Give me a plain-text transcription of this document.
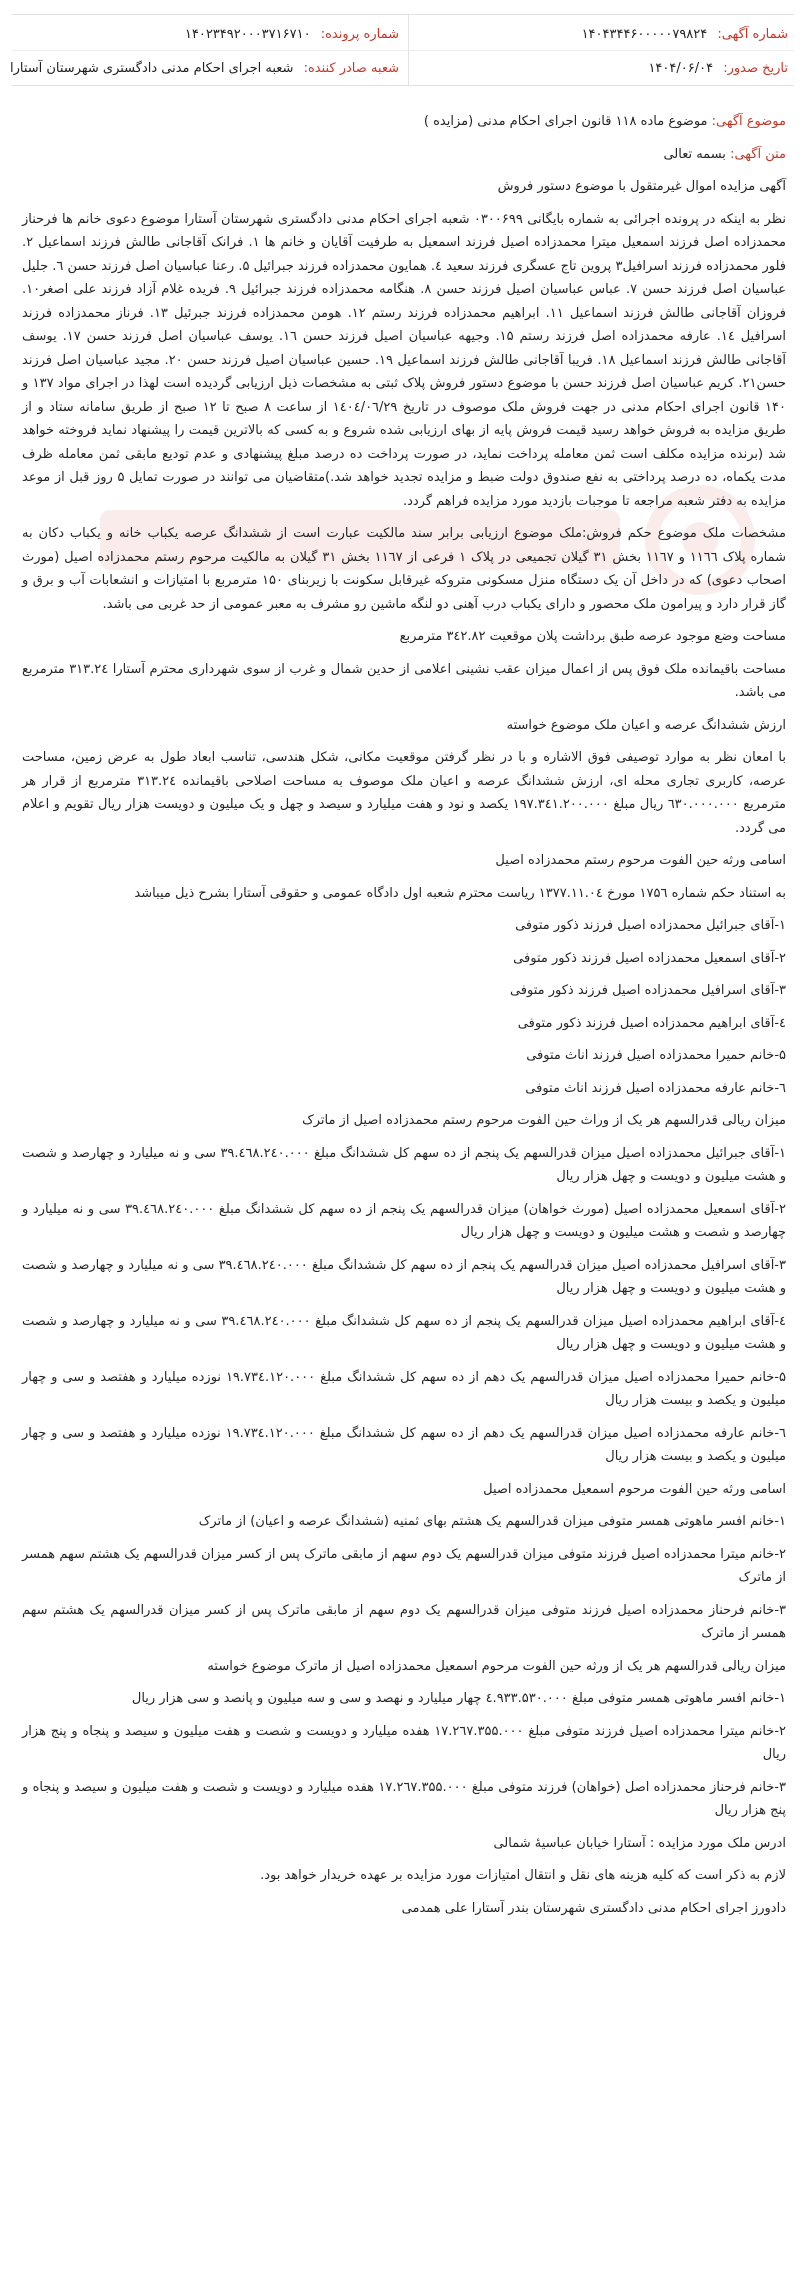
شماره آگهی: ۱۴۰۴۳۴۴۶۰۰۰۰۰۷۹۸۲۴
شماره پرونده: ۱۴۰۲۳۴۹۲۰۰۰۳۷۱۶۷۱۰
تاریخ صدور: ۱۴۰۴/۰۶/۰۴
شعبه صادر کننده: شعبه اجرای احکام مدنی دادگستری شهرستان آستارا

موضوع آگهی: موضوع ماده ۱۱۸ قانون اجرای احکام مدنی (مزایده )

متن آگهی: بسمه تعالی

آگهی مزایده اموال غیرمتقول با موضوع دستور فروش

نظر به اینکه در پرونده اجرائی به شماره بایگانی ۰۳۰۰۶۹۹ شعبه اجرای احکام مدنی دادگستری شهرستان آستارا موضوع دعوی خانم ها فرحناز محمدزاده اصل فرزند اسمعیل میترا محمدزاده اصیل فرزند اسمعیل به طرفیت آقایان و خانم ها ۱. فرانک آقاجانی طالش فرزند اسماعیل ۲. فلور محمدزاده فرزند اسرافیل۳ پروین تاج عسگری فرزند سعید ٤. همایون محمدزاده فرزند جبرائیل ۵. رعنا عباسیان اصل فرزند حسن ٦. جلیل عباسیان اصل فرزند حسن ۷. عباس عباسیان اصیل فرزند حسن ۸. هنگامه محمدزاده فرزند جبرائیل ۹. فریده غلام آزاد فرزند علی اصغر۱۰. فروزان آقاجانی طالش فرزند اسماعیل ۱۱. ابراهیم محمدزاده فرزند رستم ۱۲. هومن محمدزاده فرزند جبرئیل ۱۳. فرناز محمدزاده فرزند اسرافیل ۱٤. عارفه محمدزاده اصل فرزند رستم ۱۵. وجیهه عباسیان اصیل فرزند حسن ۱٦. یوسف عباسیان اصل فرزند حسن ۱۷. یوسف آقاجانی طالش فرزند اسماعیل ۱۸. فریبا آقاجانی طالش فرزند اسماعیل ۱۹. حسین عباسیان اصیل فرزند حسن ۲۰. مجید عباسیان اصل فرزند حسن۲۱. کریم عباسیان اصل فرزند حسن با موضوع دستور فروش پلاک ثبتی به مشخصات ذیل ارزیابی گردیده است لهذا در اجرای مواد ۱۳۷ و ۱۴۰ قانون اجرای احکام مدنی در جهت فروش ملک موصوف در تاریخ ۱٤۰٤/۰٦/۲۹ از ساعت ۸ صبح تا ۱۲ صبح از طریق سامانه ستاد و از طریق مزایده به فروش خواهد رسید قیمت فروش پایه از بهای ارزیابی شده شروع و به کسی که بالاترین قیمت را پیشنهاد نماید فروخته خواهد شد (برنده مزایده مکلف است ثمن معامله پرداخت نماید، در صورت پرداخت ده درصد مبلغ پیشنهادی و عدم تودیع مابقی ثمن معامله ظرف مدت یکماه، ده درصد پرداختی به نفع صندوق دولت ضبط و مزایده تجدید خواهد شد.)متقاضیان می توانند در صورت تمایل ۵ روز قبل از موعد مزایده به دفتر شعبه مراجعه تا موجبات بازدید مورد مزایده فراهم گردد.

مشخصات ملک موضوع حکم فروش:ملک موضوع ارزیابی برابر سند مالکیت عبارت است از ششدانگ عرصه یکباب خانه و یکباب دکان به شماره پلاک ۱۱٦٦ و ۱۱٦۷ بخش ۳۱ گیلان تجمیعی در پلاک ۱ فرعی از ۱۱٦۷ بخش ۳۱ گیلان به مالکیت مرحوم رستم محمدزاده اصیل (مورث اصحاب دعوی) که در داخل آن یک دستگاه منزل مسکونی متروکه غیرقابل سکونت با زیربنای ۱۵۰ مترمربع با امتیازات و انشعابات آب و برق و گاز قرار دارد و پیرامون ملک محصور و دارای یکباب درب آهنی دو لنگه ماشین رو مشرف به معبر عمومی از حد غربی می باشد.

مساحت وضع موجود عرصه طبق برداشت پلان موقعیت ۳٤۲.۸۲ مترمربع

مساحت باقیمانده ملک فوق پس از اعمال میزان عقب نشینی اعلامی از حدین شمال و غرب از سوی شهرداری محترم آستارا ۳۱۳.۲٤ مترمربع می باشد.

ارزش ششدانگ عرصه و اعیان ملک موضوع خواسته

با امعان نظر به موارد توصیفی فوق الاشاره و با در نظر گرفتن موقعیت مکانی، شکل هندسی، تناسب ابعاد طول به عرض زمین، مساحت عرصه، کاربری تجاری محله ای، ارزش ششدانگ عرصه و اعیان ملک موصوف به مساحت اصلاحی باقیمانده ۳۱۳.۲٤ مترمربع از قرار هر مترمربع ٦۳۰.۰۰۰.۰۰۰ ریال مبلغ ۱۹۷.۳٤۱.۲۰۰.۰۰۰ یکصد و نود و هفت میلیارد و سیصد و چهل و یک میلیون و دویست هزار ریال تقویم و اعلام می گردد.

اسامی ورثه حین الفوت مرحوم رستم محمدزاده اصیل

به استناد حکم شماره ۱۷۵٦ مورخ ۱۳۷۷.۱۱.۰٤ ریاست محترم شعبه اول دادگاه عمومی و حقوقی آستارا بشرح ذیل میباشد

۱-آقای جبرائیل محمدزاده اصیل فرزند ذکور متوفی

۲-آقای اسمعیل محمدزاده اصیل فرزند ذکور متوفی

۳-آقای اسرافیل محمدزاده اصیل فرزند ذکور متوفی

٤-آقای ابراهیم محمدزاده اصیل فرزند ذکور متوفی

۵-خانم حمیرا محمدزاده اصیل فرزند اناث متوفی

٦-خانم عارفه محمدزاده اصیل فرزند اناث متوفی

میزان ریالی قدرالسهم هر یک از وراث حین الفوت مرحوم رستم محمدزاده اصیل از ماترک

۱-آقای جبرائیل محمدزاده اصیل میزان قدرالسهم یک پنجم از ده سهم کل ششدانگ مبلغ ۳۹.٤٦۸.۲٤۰.۰۰۰ سی و نه میلیارد و چهارصد و شصت و هشت میلیون و دویست و چهل هزار ریال

۲-آقای اسمعیل محمدزاده اصیل (مورث خواهان) میزان قدرالسهم یک پنجم از ده سهم کل ششدانگ مبلغ ۳۹.٤٦۸.۲٤۰.۰۰۰ سی و نه میلیارد و چهارصد و شصت و هشت میلیون و دویست و چهل هزار ریال

۳-آقای اسرافیل محمدزاده اصیل میزان قدرالسهم یک پنجم از ده سهم کل ششدانگ مبلغ ۳۹.٤٦۸.۲٤۰.۰۰۰ سی و نه میلیارد و چهارصد و شصت و هشت میلیون و دویست و چهل هزار ریال

٤-آقای ابراهیم محمدزاده اصیل میزان قدرالسهم یک پنجم از ده سهم کل ششدانگ مبلغ ۳۹.٤٦۸.۲٤۰.۰۰۰ سی و نه میلیارد و چهارصد و شصت و هشت میلیون و دویست و چهل هزار ریال

۵-خانم حمیرا محمدزاده اصیل میزان قدرالسهم یک دهم از ده سهم کل ششدانگ مبلغ ۱۹.۷۳٤.۱۲۰.۰۰۰ نوزده میلیارد و هفتصد و سی و چهار میلیون و یکصد و بیست هزار ریال

٦-خانم عارفه محمدزاده اصیل میزان قدرالسهم یک دهم از ده سهم کل ششدانگ مبلغ ۱۹.۷۳٤.۱۲۰.۰۰۰ نوزده میلیارد و هفتصد و سی و چهار میلیون و یکصد و بیست هزار ریال

اسامی ورثه حین الفوت مرحوم اسمعیل محمدزاده اصیل

۱-خانم افسر ماهوتی همسر متوفی میزان قدرالسهم یک هشتم بهای ثمنیه (ششدانگ عرصه و اعیان) از ماترک

۲-خانم میترا محمدزاده اصیل فرزند متوفی میزان قدرالسهم یک دوم سهم از مابقی ماترک پس از کسر میزان قدرالسهم یک هشتم سهم همسر از ماترک

۳-خانم فرحناز محمدزاده اصیل فرزند متوفی میزان قدرالسهم یک دوم سهم از مابقی ماترک پس از کسر میزان قدرالسهم یک هشتم سهم همسر از ماترک

میزان ریالی قدرالسهم هر یک از ورثه حین الفوت مرحوم اسمعیل محمدزاده اصیل از ماترک موضوع خواسته

۱-خانم افسر ماهوتی همسر متوفی مبلغ ٤.۹۳۳.۵۳۰.۰۰۰ چهار میلیارد و نهصد و سی و سه میلیون و پانصد و سی هزار ریال

۲-خانم میترا محمدزاده اصیل فرزند متوفی مبلغ ۱۷.۲٦۷.۳۵۵.۰۰۰ هفده میلیارد و دویست و شصت و هفت میلیون و سیصد و پنجاه و پنج هزار ریال

۳-خانم فرحناز محمدزاده اصل (خواهان) فرزند متوفی مبلغ ۱۷.۲٦۷.۳۵۵.۰۰۰ هفده میلیارد و دویست و شصت و هفت میلیون و سیصد و پنجاه و پنج هزار ریال

ادرس ملک مورد مزایده : آستارا خیابان عباسیهٔ شمالی

لازم به ذکر است که کلیه هزینه های نقل و انتقال امتیازات مورد مزایده بر عهده خریدار خواهد بود.

دادورز اجرای احکام مدنی دادگستری شهرستان بندر آستارا علی همدمی
